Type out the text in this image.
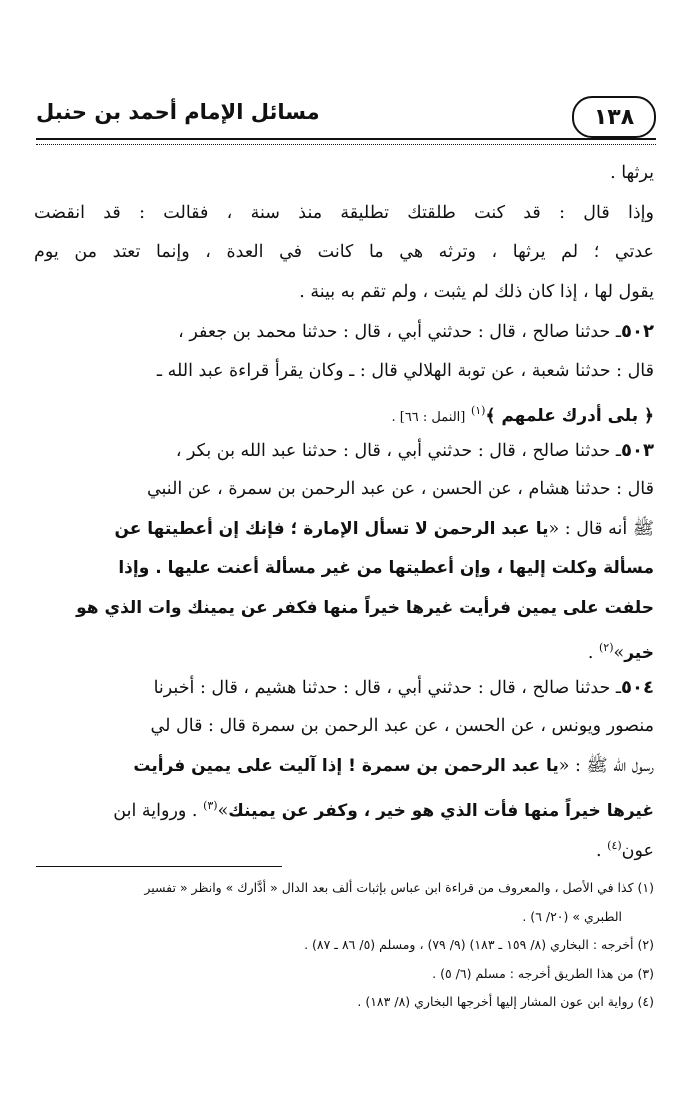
١٣٨
مسائل الإمام أحمد بن حنبل
يرثها .
وإذا قال : قد كنت طلقتك تطليقة منذ سنة ، فقالت : قد انقضت
عدتي ؛ لم يرثها ، وترثه هي ما كانت في العدة ، وإنما تعتد من يوم
يقول لها ، إذا كان ذلك لم يثبت ، ولم تقم به بينة .
٥٠٢ـ حدثنا صالح ، قال : حدثني أبي ، قال : حدثنا محمد بن جعفر ،
قال : حدثنا شعبة ، عن توبة الهلالي قال : ـ وكان يقرأ قراءة عبد الله ـ
﴿ بلى أدرك علمهم ﴾$^{(١)}$ [النمل : ٦٦] .
٥٠٣ـ حدثنا صالح ، قال : حدثني أبي ، قال : حدثنا عبد الله بن بكر ،
قال : حدثنا هشام ، عن الحسن ، عن عبد الرحمن بن سمرة ، عن النبي
ﷺ أنه قال : «يا عبد الرحمن لا تسأل الإمارة ؛ فإنك إن أعطيتها عن
مسألة وكلت إليها ، وإن أعطيتها من غير مسألة أعنت عليها . وإذا
حلفت على يمين فرأيت غيرها خيراً منها فكفر عن يمينك وات الذي هو
خير»$^{(٢)}$ .
٥٠٤ـ حدثنا صالح ، قال : حدثني أبي ، قال : حدثنا هشيم ، قال : أخبرنا
منصور ويونس ، عن الحسن ، عن عبد الرحمن بن سمرة قال : قال لي
رسول الله ﷺ : «يا عبد الرحمن بن سمرة ! إذا آليت على يمين فرأيت
غيرها خيراً منها فأت الذي هو خير ، وكفر عن يمينك»$^{(٣)}$ . ورواية ابن
عون$^{(٤)}$ .
(١) كذا في الأصل ، والمعروف من قراءة ابن عباس بإثبات ألف بعد الدال « أدَّارك » وانظر « تفسير
الطبري » (٢٠/ ٦) .
(٢) أخرجه : البخاري (٨/ ١٥٩ ـ ١٨٣) (٩/ ٧٩) ، ومسلم (٥/ ٨٦ ـ ٨٧) .
(٣) من هذا الطريق أخرجه : مسلم (٦/ ٥) .
(٤) رواية ابن عون المشار إليها أخرجها البخاري (٨/ ١٨٣) .
